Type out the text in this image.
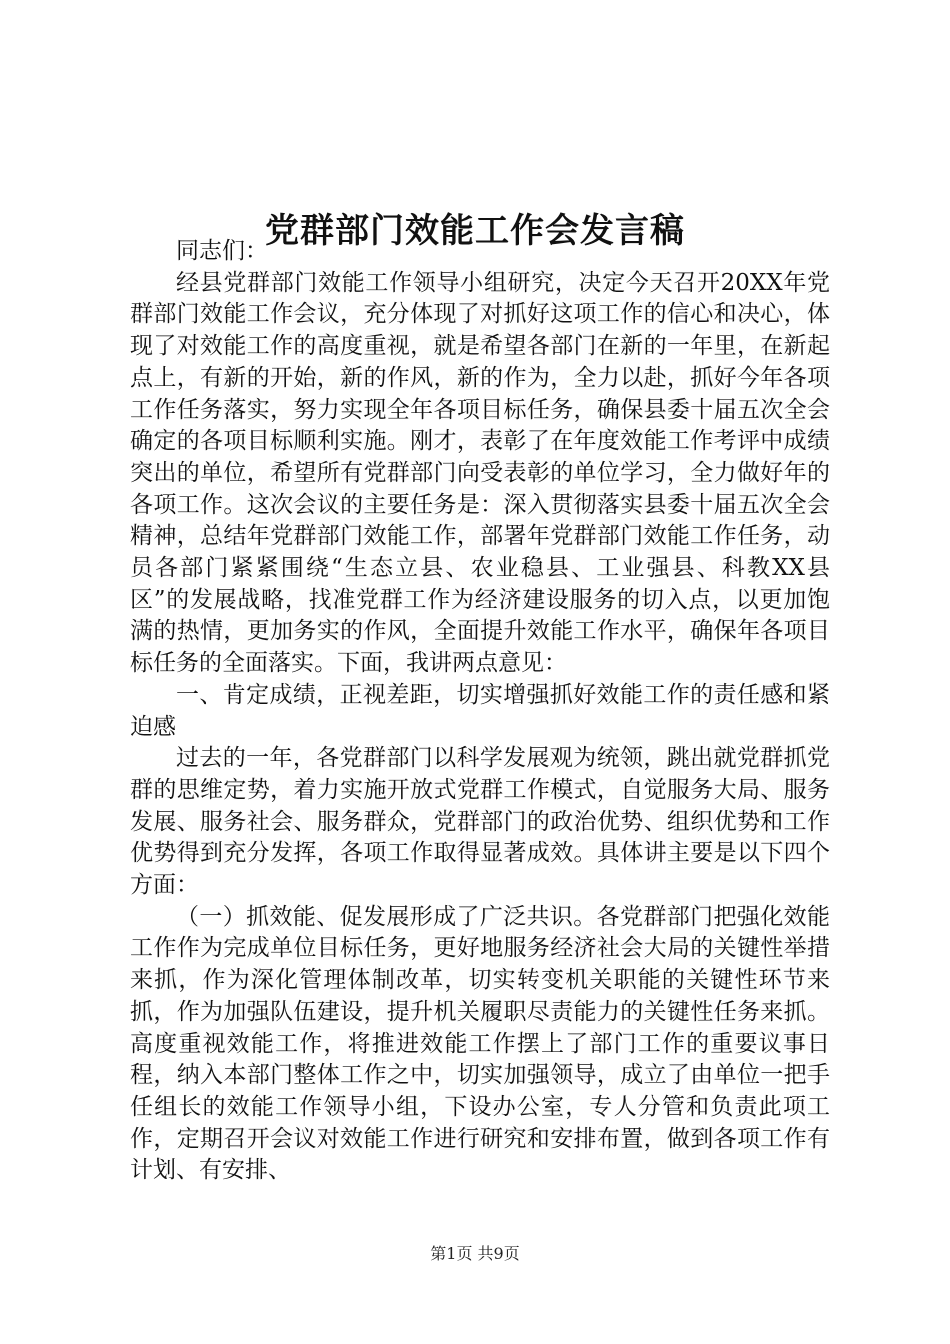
党群部门效能工作会发言稿

同志们：

经县党群部门效能工作领导小组研究，决定今天召开20XX年党群部门效能工作会议，充分体现了对抓好这项工作的信心和决心，体现了对效能工作的高度重视，就是希望各部门在新的一年里，在新起点上，有新的开始，新的作风，新的作为，全力以赴，抓好今年各项工作任务落实，努力实现全年各项目标任务，确保县委十届五次全会确定的各项目标顺利实施。刚才，表彰了在年度效能工作考评中成绩突出的单位，希望所有党群部门向受表彰的单位学习，全力做好年的各项工作。这次会议的主要任务是：深入贯彻落实县委十届五次全会精神，总结年党群部门效能工作，部署年党群部门效能工作任务，动员各部门紧紧围绕“生态立县、农业稳县、工业强县、科教XX县区”的发展战略，找准党群工作为经济建设服务的切入点，以更加饱满的热情，更加务实的作风，全面提升效能工作水平，确保年各项目标任务的全面落实。下面，我讲两点意见：

一、肯定成绩，正视差距，切实增强抓好效能工作的责任感和紧迫感

过去的一年，各党群部门以科学发展观为统领，跳出就党群抓党群的思维定势，着力实施开放式党群工作模式，自觉服务大局、服务发展、服务社会、服务群众，党群部门的政治优势、组织优势和工作优势得到充分发挥，各项工作取得显著成效。具体讲主要是以下四个方面：

（一）抓效能、促发展形成了广泛共识。各党群部门把强化效能工作作为完成单位目标任务，更好地服务经济社会大局的关键性举措来抓，作为深化管理体制改革，切实转变机关职能的关键性环节来抓，作为加强队伍建设，提升机关履职尽责能力的关键性任务来抓。高度重视效能工作，将推进效能工作摆上了部门工作的重要议事日程，纳入本部门整体工作之中，切实加强领导，成立了由单位一把手任组长的效能工作领导小组，下设办公室，专人分管和负责此项工作，定期召开会议对效能工作进行研究和安排布置，做到各项工作有计划、有安排、

第1页 共9页
